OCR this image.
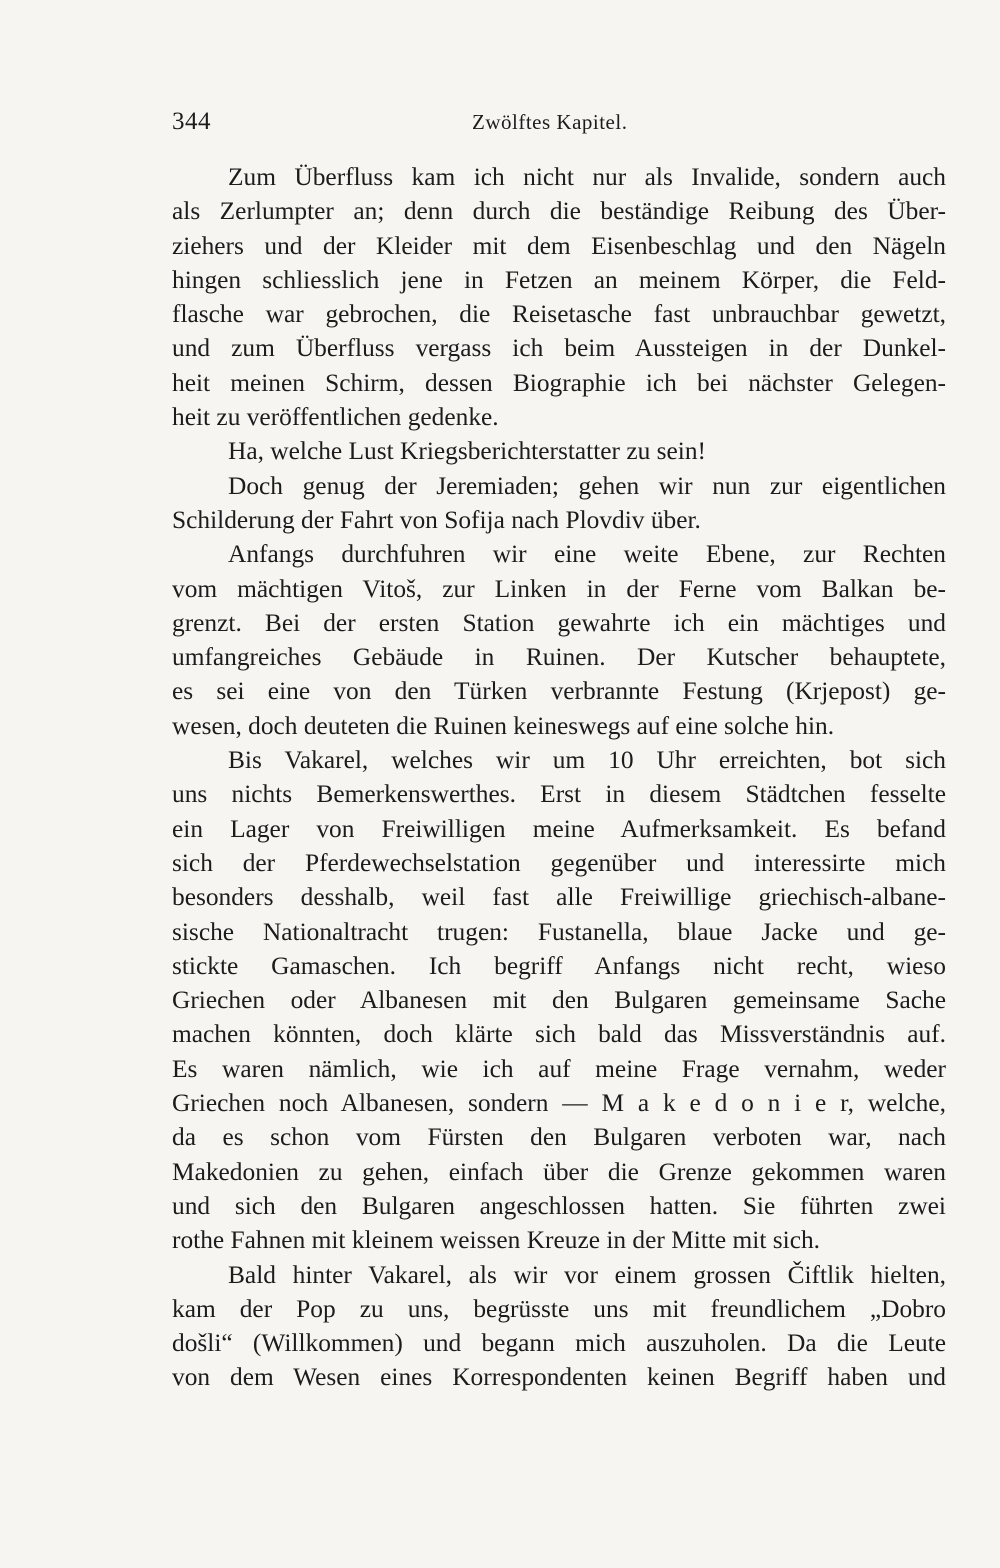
344	Zwölftes Kapitel.
Zum Überfluss kam ich nicht nur als Invalide, sondern auch
als Zerlumpter an; denn durch die beständige Reibung des Über-
ziehers und der Kleider mit dem Eisenbeschlag und den Nägeln
hingen schliesslich jene in Fetzen an meinem Körper, die Feld-
flasche war gebrochen, die Reisetasche fast unbrauchbar gewetzt,
und zum Überfluss vergass ich beim Aussteigen in der Dunkel-
heit meinen Schirm, dessen Biographie ich bei nächster Gelegen-
heit zu veröffentlichen gedenke.
Ha, welche Lust Kriegsberichterstatter zu sein!
Doch genug der Jeremiaden; gehen wir nun zur eigentlichen
Schilderung der Fahrt von Sofija nach Plovdiv über.
Anfangs durchfuhren wir eine weite Ebene, zur Rechten
vom mächtigen Vitoš, zur Linken in der Ferne vom Balkan be-
grenzt. Bei der ersten Station gewahrte ich ein mächtiges und
umfangreiches Gebäude in Ruinen. Der Kutscher behauptete,
es sei eine von den Türken verbrannte Festung (Krjepost) ge-
wesen, doch deuteten die Ruinen keineswegs auf eine solche hin.
Bis Vakarel, welches wir um 10 Uhr erreichten, bot sich
uns nichts Bemerkenswerthes. Erst in diesem Städtchen fesselte
ein Lager von Freiwilligen meine Aufmerksamkeit. Es befand
sich der Pferdewechselstation gegenüber und interessirte mich
besonders desshalb, weil fast alle Freiwillige griechisch-albane-
sische Nationaltracht trugen: Fustanella, blaue Jacke und ge-
stickte Gamaschen. Ich begriff Anfangs nicht recht, wieso
Griechen oder Albanesen mit den Bulgaren gemeinsame Sache
machen könnten, doch klärte sich bald das Missverständnis auf.
Es waren nämlich, wie ich auf meine Frage vernahm, weder
Griechen noch Albanesen, sondern — M a k e d o n i e r, welche,
da es schon vom Fürsten den Bulgaren verboten war, nach
Makedonien zu gehen, einfach über die Grenze gekommen waren
und sich den Bulgaren angeschlossen hatten. Sie führten zwei
rothe Fahnen mit kleinem weissen Kreuze in der Mitte mit sich.
Bald hinter Vakarel, als wir vor einem grossen Čiftlik hielten,
kam der Pop zu uns, begrüsste uns mit freundlichem „Dobro
došli“ (Willkommen) und begann mich auszuholen. Da die Leute
von dem Wesen eines Korrespondenten keinen Begriff haben und
